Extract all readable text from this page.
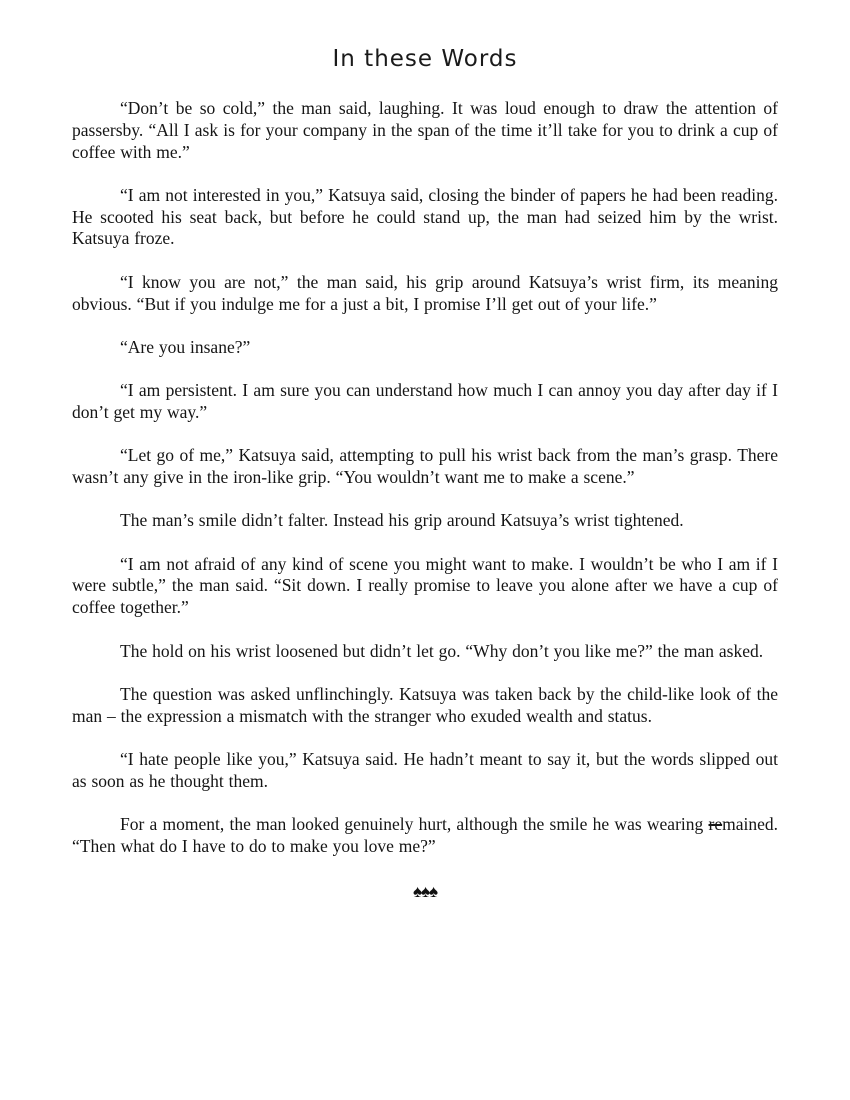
In these Words

“Don’t be so cold,” the man said, laughing. It was loud enough to draw the attention of passersby. “All I ask is for your company in the span of the time it’ll take for you to drink a cup of coffee with me.”

“I am not interested in you,” Katsuya said, closing the binder of papers he had been reading. He scooted his seat back, but before he could stand up, the man had seized him by the wrist. Katsuya froze.

“I know you are not,” the man said, his grip around Katsuya’s wrist firm, its meaning obvious. “But if you indulge me for a just a bit, I promise I’ll get out of your life.”

“Are you insane?”

“I am persistent. I am sure you can understand how much I can annoy you day after day if I don’t get my way.”

“Let go of me,” Katsuya said, attempting to pull his wrist back from the man’s grasp. There wasn’t any give in the iron-like grip. “You wouldn’t want me to make a scene.”

The man’s smile didn’t falter. Instead his grip around Katsuya’s wrist tightened.

“I am not afraid of any kind of scene you might want to make. I wouldn’t be who I am if I were subtle,” the man said. “Sit down. I really promise to leave you alone after we have a cup of coffee together.”

The hold on his wrist loosened but didn’t let go. “Why don’t you like me?” the man asked.

The question was asked unflinchingly. Katsuya was taken back by the child-like look of the man – the expression a mismatch with the stranger who exuded wealth and status.

“I hate people like you,” Katsuya said. He hadn’t meant to say it, but the words slipped out as soon as he thought them.

For a moment, the man looked genuinely hurt, although the smile he was wearing remained. “Then what do I have to do to make you love me?”

♠♠♠
